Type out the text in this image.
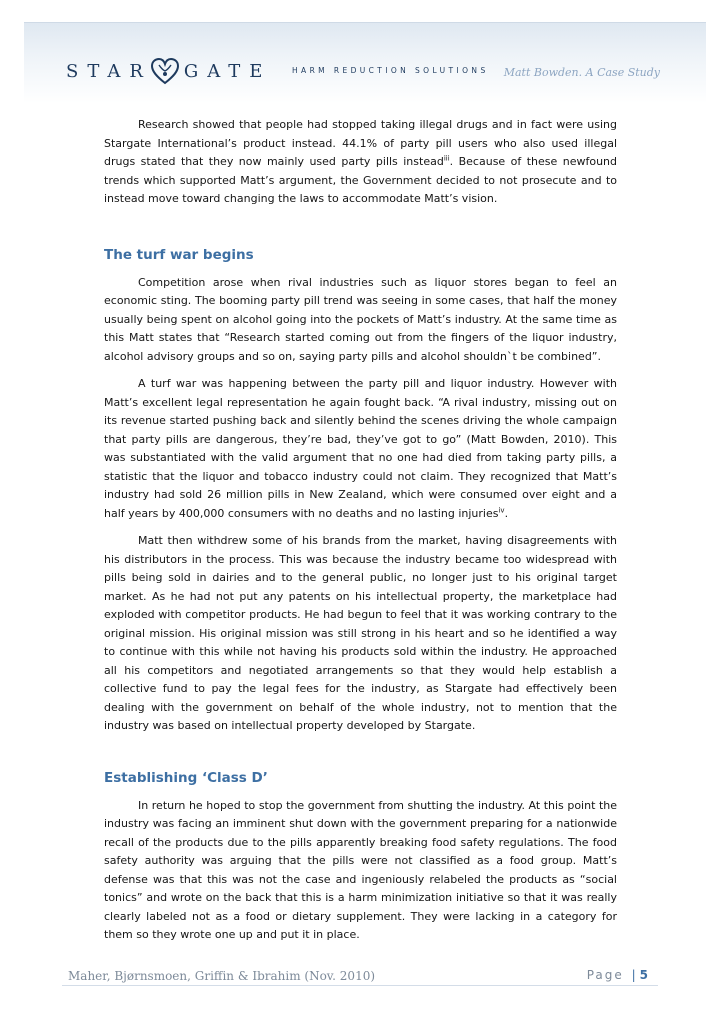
STAR GATE	HARM REDUCTION SOLUTIONS Matt Bowden. A Case Study

Research showed that people had stopped taking illegal drugs and in fact were using Stargate International’s product instead. 44.1% of party pill users who also used illegal drugs stated that they now mainly used party pills instead$^{iii}$. Because of these newfound trends which supported Matt’s argument, the Government decided to not prosecute and to instead move toward changing the laws to accommodate Matt’s vision.

The turf war begins

Competition arose when rival industries such as liquor stores began to feel an economic sting. The booming party pill trend was seeing in some cases, that half the money usually being spent on alcohol going into the pockets of Matt’s industry. At the same time as this Matt states that “Research started coming out from the fingers of the liquor industry, alcohol advisory groups and so on, saying party pills and alcohol shouldn`t be combined”.

A turf war was happening between the party pill and liquor industry. However with Matt’s excellent legal representation he again fought back. “A rival industry, missing out on its revenue started pushing back and silently behind the scenes driving the whole campaign that party pills are dangerous, they’re bad, they’ve got to go” (Matt Bowden, 2010). This was substantiated with the valid argument that no one had died from taking party pills, a statistic that the liquor and tobacco industry could not claim. They recognized that Matt’s industry had sold 26 million pills in New Zealand, which were consumed over eight and a half years by 400,000 consumers with no deaths and no lasting injuries$^{iv}$.

Matt then withdrew some of his brands from the market, having disagreements with his distributors in the process. This was because the industry became too widespread with pills being sold in dairies and to the general public, no longer just to his original target market. As he had not put any patents on his intellectual property, the marketplace had exploded with competitor products. He had begun to feel that it was working contrary to the original mission. His original mission was still strong in his heart and so he identified a way to continue with this while not having his products sold within the industry. He approached all his competitors and negotiated arrangements so that they would help establish a collective fund to pay the legal fees for the industry, as Stargate had effectively been dealing with the government on behalf of the whole industry, not to mention that the industry was based on intellectual property developed by Stargate.

Establishing ‘Class D’

In return he hoped to stop the government from shutting the industry. At this point the industry was facing an imminent shut down with the government preparing for a nationwide recall of the products due to the pills apparently breaking food safety regulations. The food safety authority was arguing that the pills were not classified as a food group. Matt’s defense was that this was not the case and ingeniously relabeled the products as “social tonics” and wrote on the back that this is a harm minimization initiative so that it was really clearly labeled not as a food or dietary supplement. They were lacking in a category for them so they wrote one up and put it in place.

Maher, Bjørnsmoen, Griffin & Ibrahim (Nov. 2010)	Page | 5
